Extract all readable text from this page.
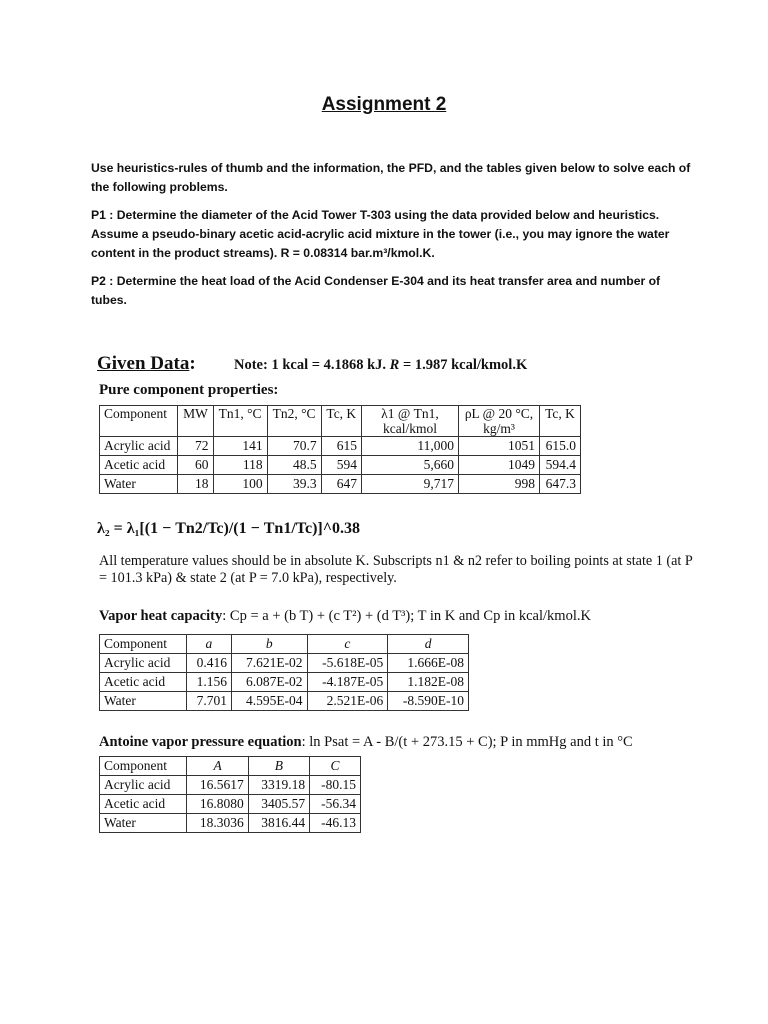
Assignment 2
Use heuristics-rules of thumb and the information, the PFD, and the tables given below to solve each of the following problems.
P1 : Determine the diameter of the Acid Tower T-303 using the data provided below and heuristics. Assume a pseudo-binary acetic acid-acrylic acid mixture in the tower (i.e., you may ignore the water content in the product streams). R = 0.08314 bar.m³/kmol.K.
P2 : Determine the heat load of the Acid Condenser E-304 and its heat transfer area and number of tubes.
Given Data:	Note: 1 kcal = 4.1868 kJ. R = 1.987 kcal/kmol.K
Pure component properties:
Component	MW	Tn1, °C	Tn2, °C	Tc, K	λ1 @ Tn1, kcal/kmol	ρL @ 20 °C, kg/m³	Tc, K
Acrylic acid	72	141	70.7	615	11,000	1051	615.0
Acetic acid	60	118	48.5	594	5,660	1049	594.4
Water	18	100	39.3	647	9,717	998	647.3
λ₂ = λ₁[(1 − Tn2/Tc)/(1 − Tn1/Tc)]^0.38
All temperature values should be in absolute K. Subscripts n1 & n2 refer to boiling points at state 1 (at P = 101.3 kPa) & state 2 (at P = 7.0 kPa), respectively.
Vapor heat capacity: Cp = a + (b T) + (c T²) + (d T³); T in K and Cp in kcal/kmol.K
Component	a	b	c	d
Acrylic acid	0.416	7.621E-02	-5.618E-05	1.666E-08
Acetic acid	1.156	6.087E-02	-4.187E-05	1.182E-08
Water	7.701	4.595E-04	2.521E-06	-8.590E-10
Antoine vapor pressure equation: ln Psat = A - B/(t + 273.15 + C); P in mmHg and t in °C
Component	A	B	C
Acrylic acid	16.5617	3319.18	-80.15
Acetic acid	16.8080	3405.57	-56.34
Water	18.3036	3816.44	-46.13
